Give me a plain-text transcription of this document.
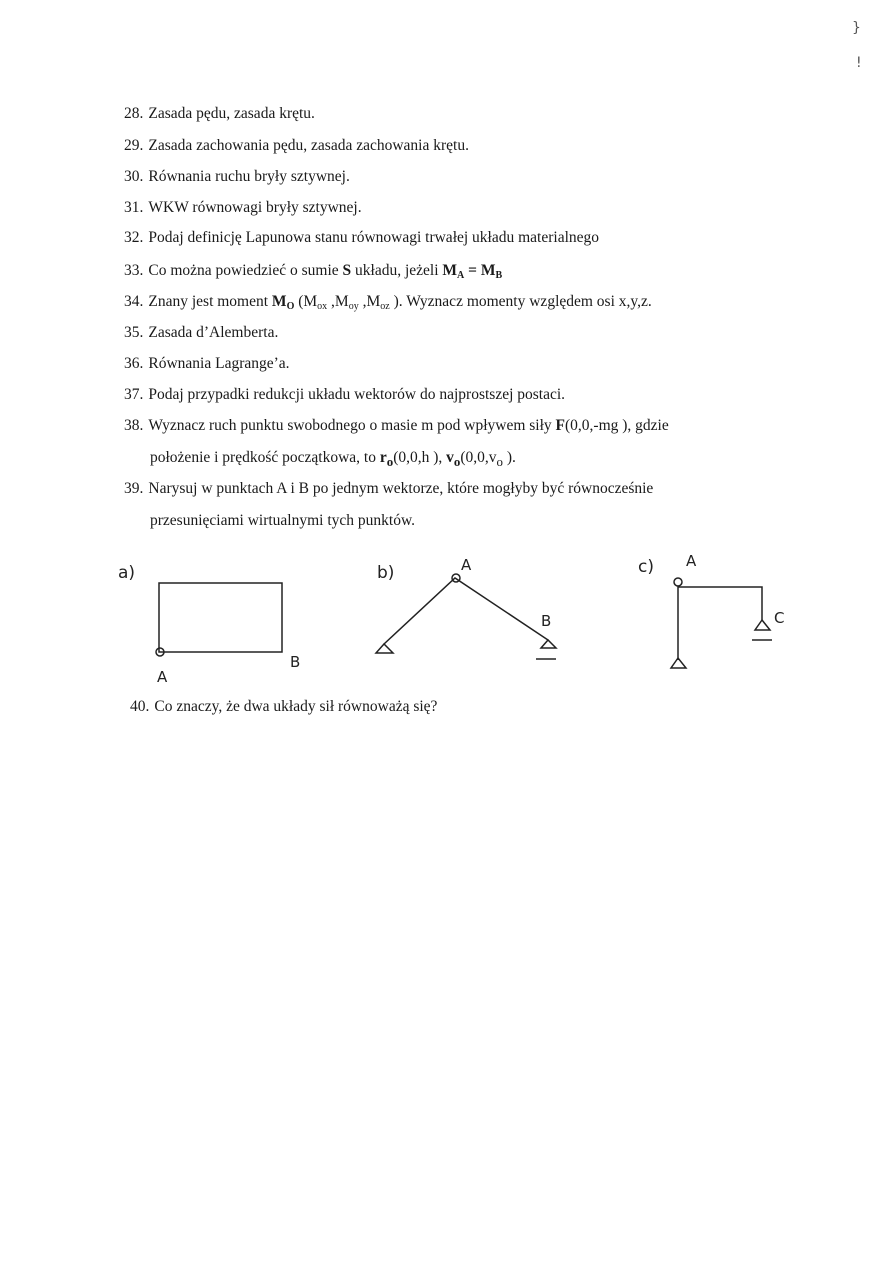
}
!
28. Zasada pędu, zasada krętu.
29. Zasada zachowania pędu, zasada zachowania krętu.
30. Równania ruchu bryły sztywnej.
31. WKW równowagi bryły sztywnej.
32. Podaj definicję Lapunowa stanu równowagi trwałej układu materialnego
33. Co można powiedzieć o sumie S układu, jeżeli $M_A = M_B$
34. Znany jest moment $M_O$ ($M_{ox}$ $,M_{oy}$ $,M_{oz}$ ). Wyznacz momenty względem osi x,y,z.
35. Zasada d’Alemberta.
36. Równania Lagrange’a.
37. Podaj przypadki redukcji układu wektorów do najprostszej postaci.
38. Wyznacz ruch punktu swobodnego o masie m pod wpływem siły F(0,0,-mg ), gdzie
położenie i prędkość początkowa, to $r_o(0,0,h$ ), $v_o(0,0,v_o$ ).
39. Narysuj w punktach A i B po jednym wektorze, które mogłyby być równocześnie
przesunięciami wirtualnymi tych punktów.
a)
A
B
b)	A
B
c) A
C
40. Co znaczy, że dwa układy sił równoważą się?
